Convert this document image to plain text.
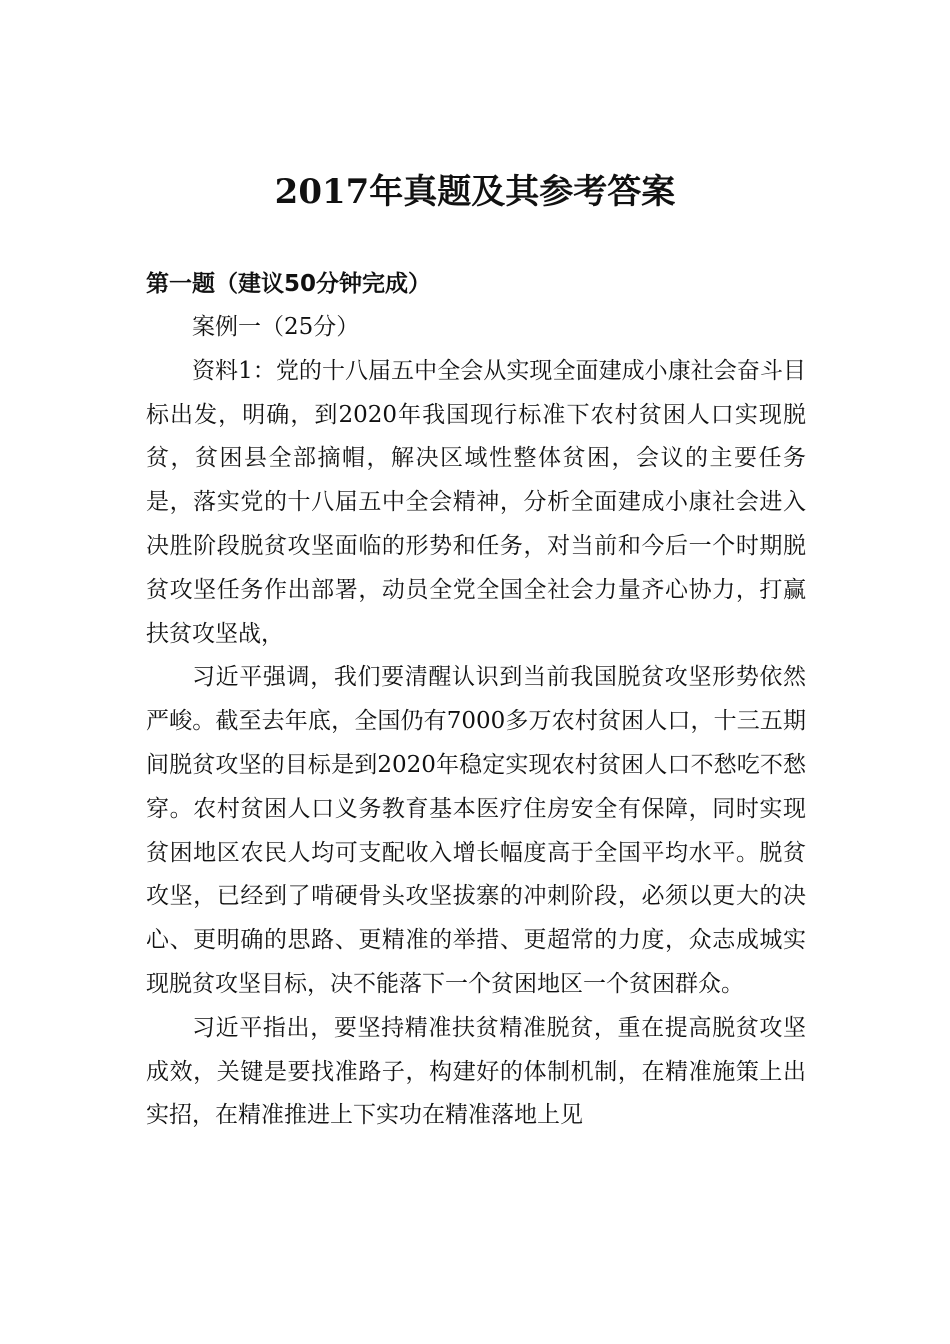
2017年真题及其参考答案
第一题（建议50分钟完成）

案例一（25分）

资料1：党的十八届五中全会从实现全面建成小康社会奋斗目标出发，明确，到2020年我国现行标准下农村贫困人口实现脱贫，贫困县全部摘帽，解决区域性整体贫困，会议的主要任务是，落实党的十八届五中全会精神，分析全面建成小康社会进入决胜阶段脱贫攻坚面临的形势和任务，对当前和今后一个时期脱贫攻坚任务作出部署，动员全党全国全社会力量齐心协力，打赢扶贫攻坚战，

习近平强调，我们要清醒认识到当前我国脱贫攻坚形势依然严峻。截至去年底，全国仍有7000多万农村贫困人口，十三五期间脱贫攻坚的目标是到2020年稳定实现农村贫困人口不愁吃不愁穿。农村贫困人口义务教育基本医疗住房安全有保障，同时实现贫困地区农民人均可支配收入增长幅度高于全国平均水平。脱贫攻坚，已经到了啃硬骨头攻坚拔寨的冲刺阶段，必须以更大的决心、更明确的思路、更精准的举措、更超常的力度，众志成城实现脱贫攻坚目标，决不能落下一个贫困地区一个贫困群众。

习近平指出，要坚持精准扶贫精准脱贫，重在提高脱贫攻坚成效，关键是要找准路子，构建好的体制机制，在精准施策上出实招，在精准推进上下实功在精准落地上见
